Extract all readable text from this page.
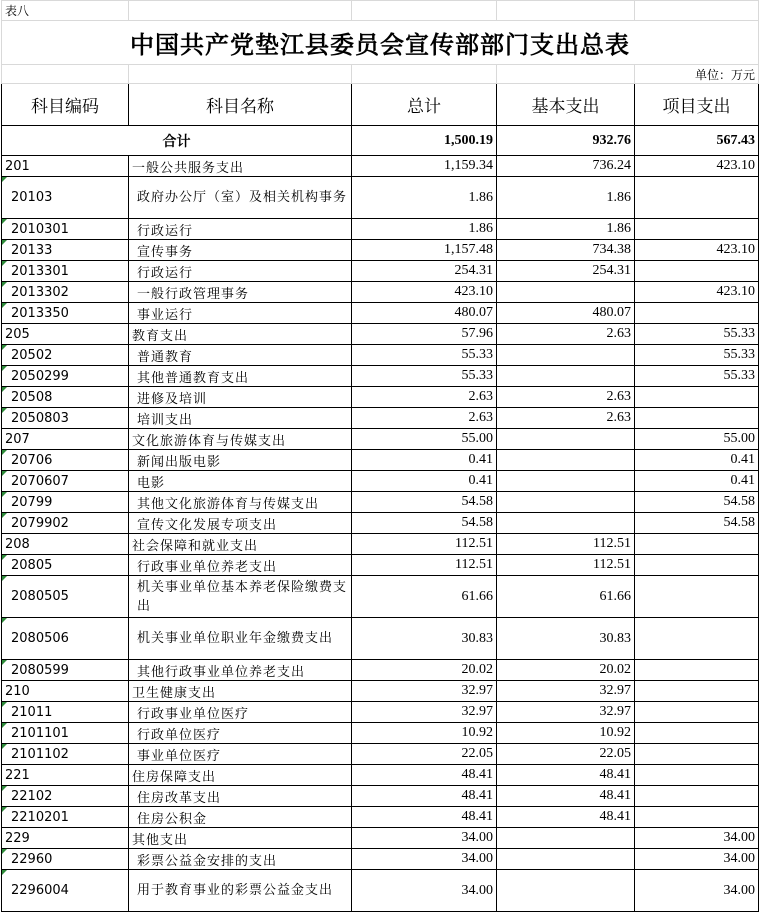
表八				
中国共产党垫江县委员会宣传部部门支出总表				
				单位：万元
科目编码	科目名称	总计	基本支出	项目支出
合计		1,500.19	932.76	567.43
201	一般公共服务支出	1,159.34	736.24	423.10
20103	政府办公厅（室）及相关机构事务	1.86	1.86	
2010301	行政运行	1.86	1.86	
20133	宣传事务	1,157.48	734.38	423.10
2013301	行政运行	254.31	254.31	
2013302	一般行政管理事务	423.10		423.10
2013350	事业运行	480.07	480.07	
205	教育支出	57.96	2.63	55.33
20502	普通教育	55.33		55.33
2050299	其他普通教育支出	55.33		55.33
20508	进修及培训	2.63	2.63	
2050803	培训支出	2.63	2.63	
207	文化旅游体育与传媒支出	55.00		55.00
20706	新闻出版电影	0.41		0.41
2070607	电影	0.41		0.41
20799	其他文化旅游体育与传媒支出	54.58		54.58
2079902	宣传文化发展专项支出	54.58		54.58
208	社会保障和就业支出	112.51	112.51	
20805	行政事业单位养老支出	112.51	112.51	
2080505	机关事业单位基本养老保险缴费支出	61.66	61.66	
2080506	机关事业单位职业年金缴费支出	30.83	30.83	
2080599	其他行政事业单位养老支出	20.02	20.02	
210	卫生健康支出	32.97	32.97	
21011	行政事业单位医疗	32.97	32.97	
2101101	行政单位医疗	10.92	10.92	
2101102	事业单位医疗	22.05	22.05	
221	住房保障支出	48.41	48.41	
22102	住房改革支出	48.41	48.41	
2210201	住房公积金	48.41	48.41	
229	其他支出	34.00		34.00
22960	彩票公益金安排的支出	34.00		34.00
2296004	用于教育事业的彩票公益金支出	34.00		34.00
